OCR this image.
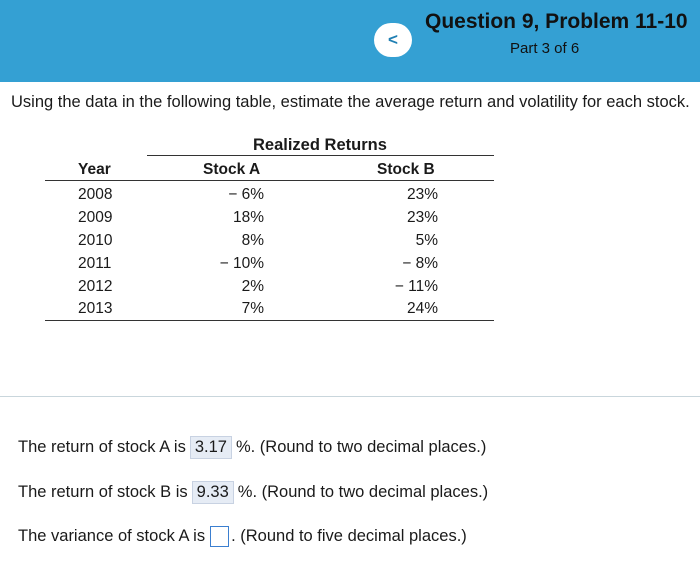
<
Question 9, Problem 11-10
Part 3 of 6
Using the data in the following table, estimate the average return and volatility for each stock.
Realized Returns
Year	Stock A	Stock B
2008	− 6%	23%
2009	18%	23%
2010	8%	5%
2011	− 10%	− 8%
2012	2%	− 11%
2013	7%	24%
The return of stock A is 3.17 %. (Round to two decimal places.)
The return of stock B is 9.33 %. (Round to two decimal places.)
The variance of stock A is . (Round to five decimal places.)
